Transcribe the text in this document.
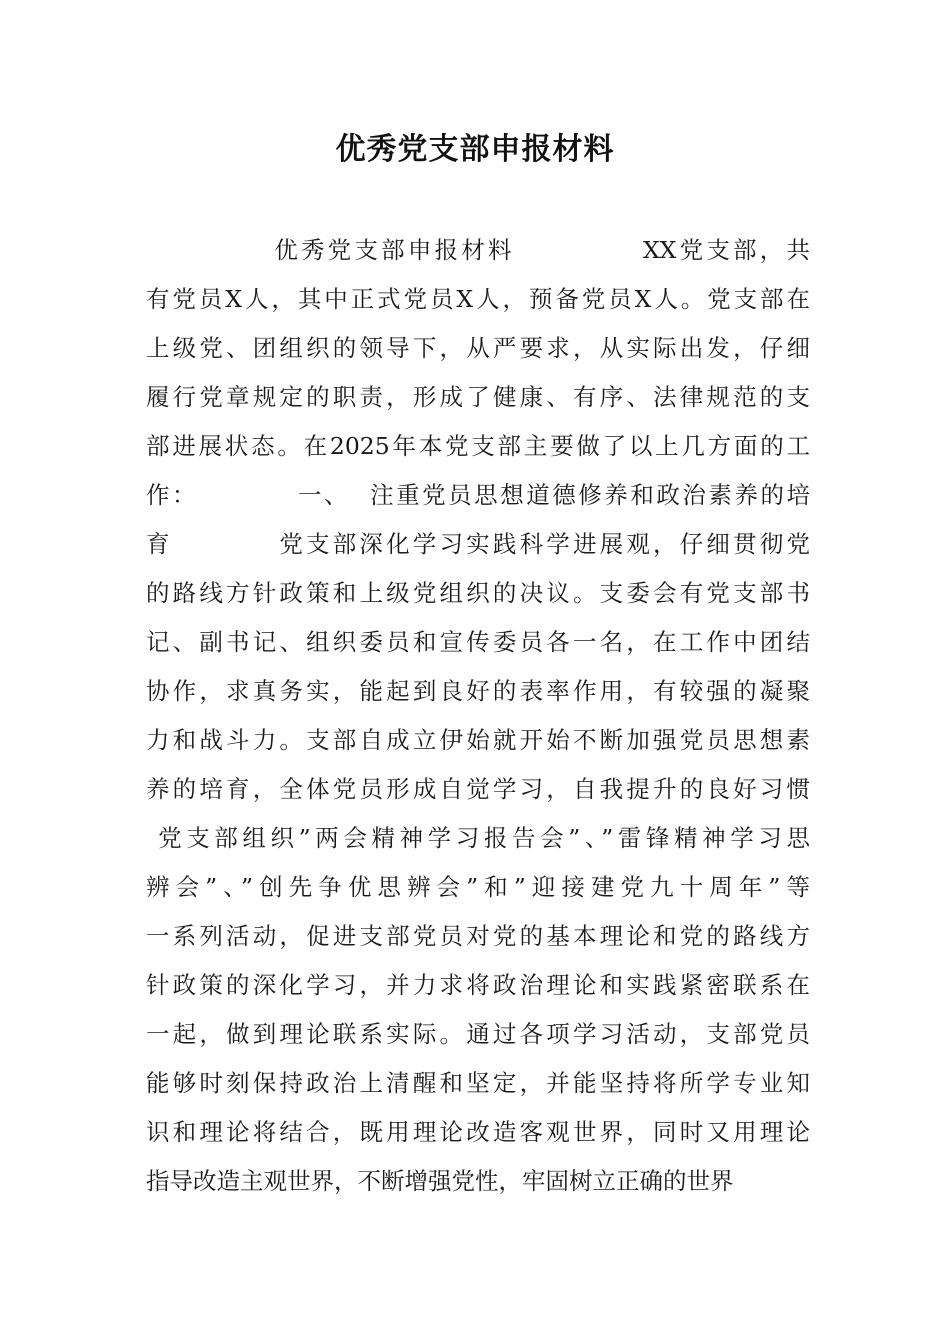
优秀党支部申报材料
优秀党支部申报材料            XX党支部，共
有党员X人，其中正式党员X人，预备党员X人。党支部在
上级党、团组织的领导下，从严要求，从实际出发，仔细
履行党章规定的职责，形成了健康、有序、法律规范的支
部进展状态。在2025年本党支部主要做了以上几方面的工
作：          一、  注重党员思想道德修养和政治素养的培
育          党支部深化学习实践科学进展观，仔细贯彻党
的路线方针政策和上级党组织的决议。支委会有党支部书
记、副书记、组织委员和宣传委员各一名，在工作中团结
协作，求真务实，能起到良好的表率作用，有较强的凝聚
力和战斗力。支部自成立伊始就开始不断加强党员思想素
养的培育，全体党员形成自觉学习，自我提升的良好习惯
党支部组织”两会精神学习报告会”、”雷锋精神学习思
辨会”、”创先争优思辨会”和”迎接建党九十周年”等
一系列活动，促进支部党员对党的基本理论和党的路线方
针政策的深化学习，并力求将政治理论和实践紧密联系在
一起，做到理论联系实际。通过各项学习活动，支部党员
能够时刻保持政治上清醒和坚定，并能坚持将所学专业知
识和理论将结合，既用理论改造客观世界，同时又用理论
指导改造主观世界，不断增强党性，牢固树立正确的世界
